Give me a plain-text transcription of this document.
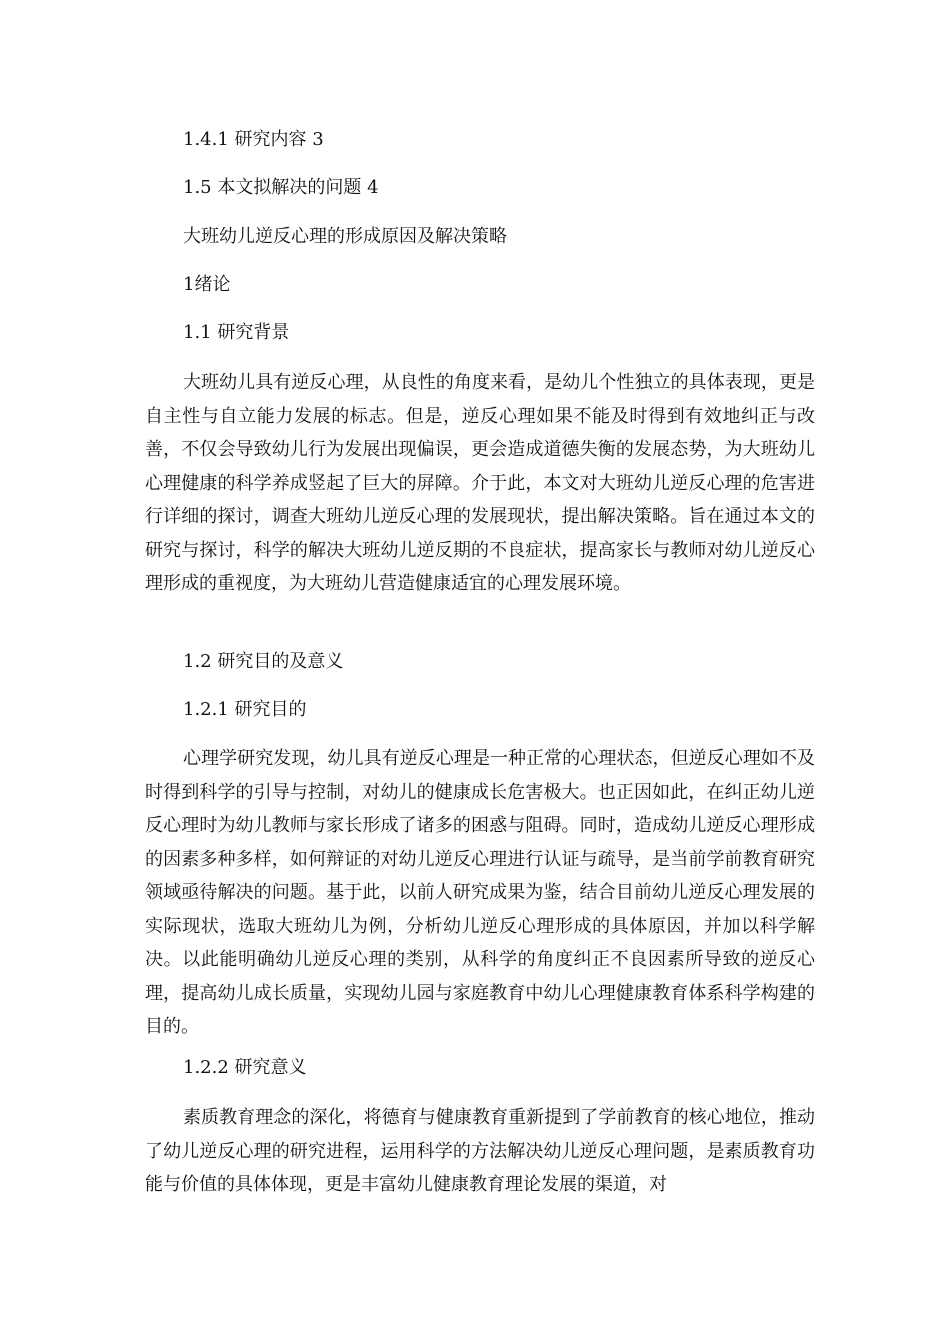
1.4.1 研究内容 3

1.5 本文拟解决的问题 4

大班幼儿逆反心理的形成原因及解决策略

1绪论

1.1 研究背景

大班幼儿具有逆反心理，从良性的角度来看，是幼儿个性独立的具体表现，更是自主性与自立能力发展的标志。但是，逆反心理如果不能及时得到有效地纠正与改善，不仅会导致幼儿行为发展出现偏误，更会造成道德失衡的发展态势，为大班幼儿心理健康的科学养成竖起了巨大的屏障。介于此，本文对大班幼儿逆反心理的危害进行详细的探讨，调查大班幼儿逆反心理的发展现状，提出解决策略。旨在通过本文的研究与探讨，科学的解决大班幼儿逆反期的不良症状，提高家长与教师对幼儿逆反心理形成的重视度，为大班幼儿营造健康适宜的心理发展环境。

1.2 研究目的及意义

1.2.1 研究目的

心理学研究发现，幼儿具有逆反心理是一种正常的心理状态，但逆反心理如不及时得到科学的引导与控制，对幼儿的健康成长危害极大。也正因如此，在纠正幼儿逆反心理时为幼儿教师与家长形成了诸多的困惑与阻碍。同时，造成幼儿逆反心理形成的因素多种多样，如何辩证的对幼儿逆反心理进行认证与疏导，是当前学前教育研究领域亟待解决的问题。基于此，以前人研究成果为鉴，结合目前幼儿逆反心理发展的实际现状，选取大班幼儿为例，分析幼儿逆反心理形成的具体原因，并加以科学解决。以此能明确幼儿逆反心理的类别，从科学的角度纠正不良因素所导致的逆反心理，提高幼儿成长质量，实现幼儿园与家庭教育中幼儿心理健康教育体系科学构建的目的。

1.2.2 研究意义

素质教育理念的深化，将德育与健康教育重新提到了学前教育的核心地位，推动了幼儿逆反心理的研究进程，运用科学的方法解决幼儿逆反心理问题，是素质教育功能与价值的具体体现，更是丰富幼儿健康教育理论发展的渠道，对
